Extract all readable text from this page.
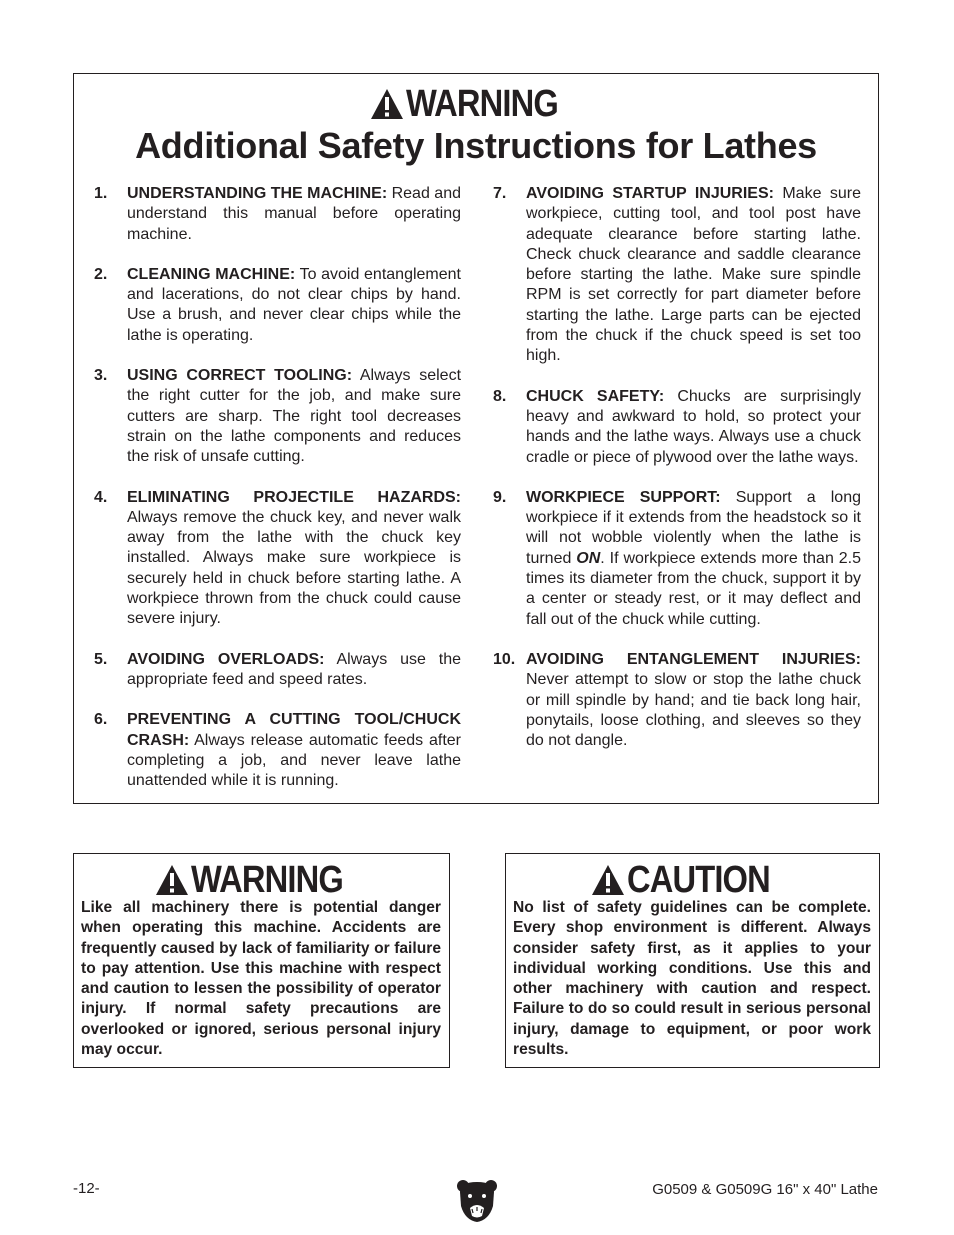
WARNING
Additional Safety Instructions for Lathes
1.	UNDERSTANDING THE MACHINE: Read and understand this manual before operating machine.
2.	CLEANING MACHINE: To avoid entanglement and lacerations, do not clear chips by hand. Use a brush, and never clear chips while the lathe is operating.
3.	USING CORRECT TOOLING: Always select the right cutter for the job, and make sure cutters are sharp. The right tool decreases strain on the lathe components and reduces the risk of unsafe cutting.
4.	ELIMINATING PROJECTILE HAZARDS: Always remove the chuck key, and never walk away from the lathe with the chuck key installed. Always make sure workpiece is securely held in chuck before starting lathe. A workpiece thrown from the chuck could cause severe injury.
5.	AVOIDING OVERLOADS: Always use the appropriate feed and speed rates.
6.	PREVENTING A CUTTING TOOL/CHUCK CRASH: Always release automatic feeds after completing a job, and never leave lathe unattended while it is running.
7.	AVOIDING STARTUP INJURIES: Make sure workpiece, cutting tool, and tool post have adequate clearance before starting lathe. Check chuck clearance and saddle clearance before starting the lathe. Make sure spindle RPM is set correctly for part diameter before starting the lathe. Large parts can be ejected from the chuck if the chuck speed is set too high.
8.	CHUCK SAFETY: Chucks are surprisingly heavy and awkward to hold, so protect your hands and the lathe ways. Always use a chuck cradle or piece of plywood over the lathe ways.
9.	WORKPIECE SUPPORT: Support a long workpiece if it extends from the headstock so it will not wobble violently when the lathe is turned ON. If workpiece extends more than 2.5 times its diameter from the chuck, support it by a center or steady rest, or it may deflect and fall out of the chuck while cutting.
10. AVOIDING ENTANGLEMENT INJURIES: Never attempt to slow or stop the lathe chuck or mill spindle by hand; and tie back long hair, ponytails, loose clothing, and sleeves so they do not dangle.
WARNING
Like all machinery there is potential danger when operating this machine. Accidents are frequently caused by lack of familiarity or failure to pay attention. Use this machine with respect and caution to lessen the possibility of operator injury. If normal safety precautions are overlooked or ignored, serious personal injury may occur.
CAUTION
No list of safety guidelines can be complete. Every shop environment is different. Always consider safety first, as it applies to your individual working conditions. Use this and other machinery with caution and respect. Failure to do so could result in serious personal injury, damage to equipment, or poor work results.
-12-	G0509 & G0509G 16" x 40" Lathe
